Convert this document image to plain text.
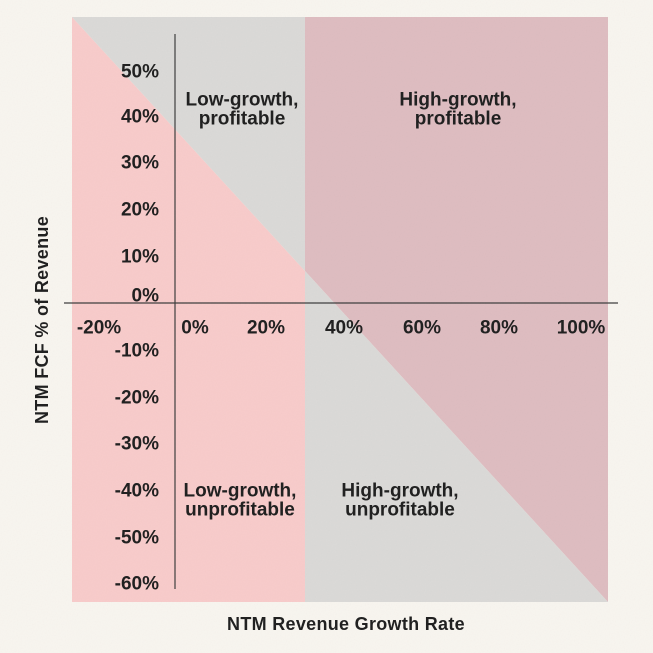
-20%	0% 20% 40% 60% 80% 100%
50%
40%
30%
20%
10%
0%
-10%
-20%
-30%
-40%
-50%
-60%
Low-growth,
profitable
High-growth,
profitable
Low-growth,
unprofitable
High-growth,
unprofitable
NTM Revenue Growth Rate
NTM FCF % of Revenue
